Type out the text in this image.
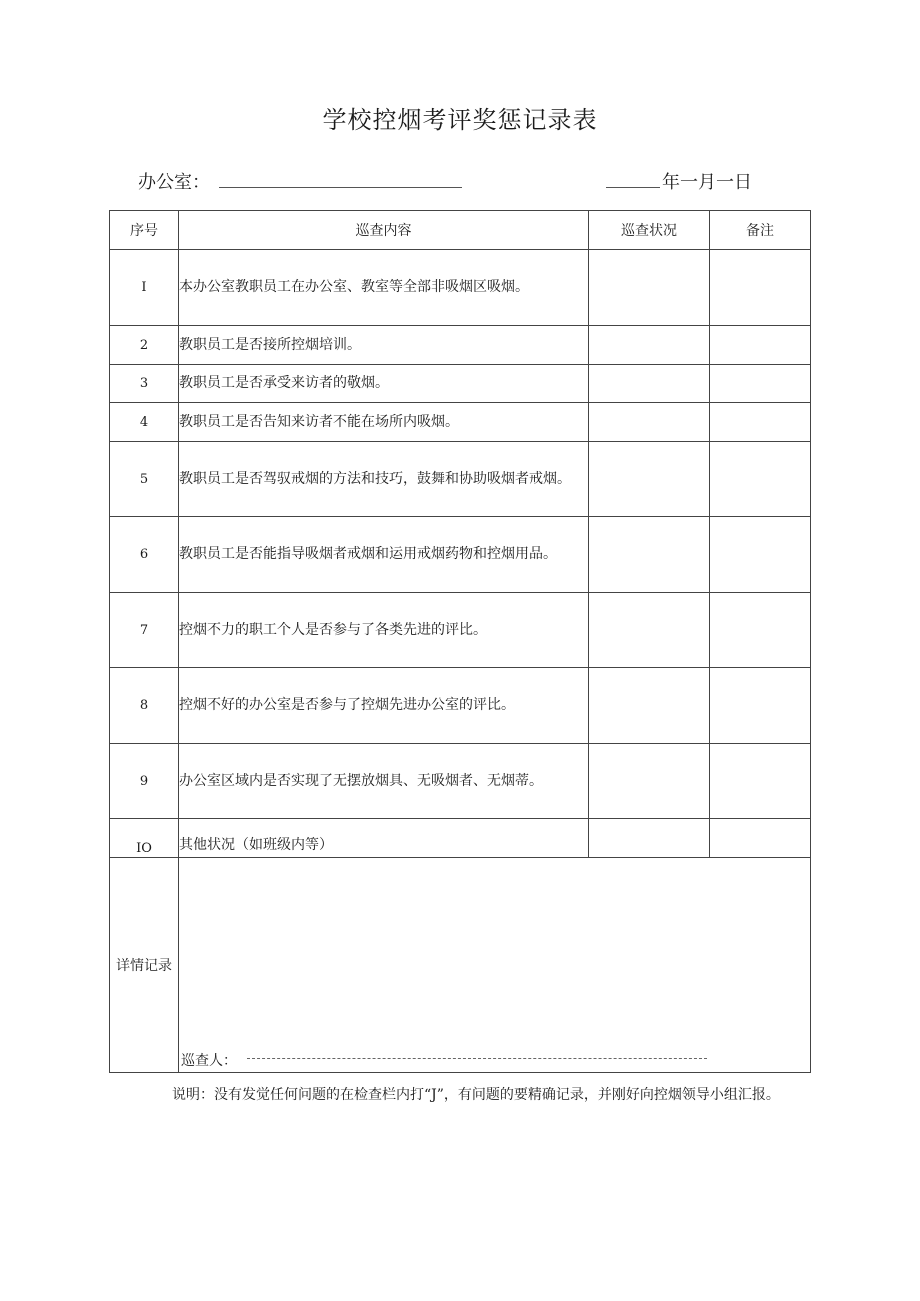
学校控烟考评奖惩记录表
办公室：	年一月一日
序号	巡查内容	巡查状况	备注
I	本办公室教职员工在办公室、教室等全部非吸烟区吸烟。		
2	教职员工是否接所控烟培训。		
3	教职员工是否承受来访者的敬烟。		
4	教职员工是否告知来访者不能在场所内吸烟。		
5	教职员工是否驾驭戒烟的方法和技巧，鼓舞和协助吸烟者戒烟。		
6	教职员工是否能指导吸烟者戒烟和运用戒烟药物和控烟用品。		
7	控烟不力的职工个人是否参与了各类先进的评比。		
8	控烟不好的办公室是否参与了控烟先进办公室的评比。		
9	办公室区域内是否实现了无摆放烟具、无吸烟者、无烟蒂。		
IO	其他状况（如班级内等）		
详情记录	巡查人：		
说明：没有发觉任何问题的在检查栏内打“J”，有问题的要精确记录，并刚好向控烟领导小组汇报。
